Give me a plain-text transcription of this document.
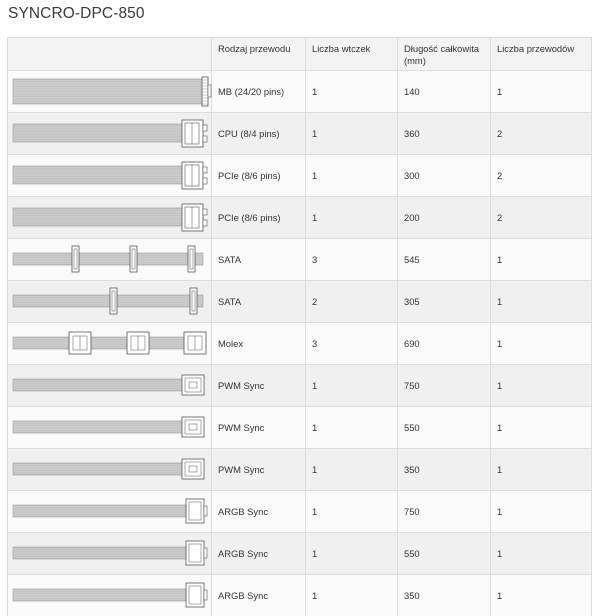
SYNCRO-DPC-850
	Rodzaj przewodu	Liczba wtczek	Długość całkowita (mm)	Liczba przewodów

	MB (24/20 pins)	1	140	1

	CPU (8/4 pins)	1	360	2

	PCIe (8/6 pins)	1	300	2

	PCIe (8/6 pins)	1	200	2

	SATA	3	545	1

	SATA	2	305	1

	Molex	3	690	1

	PWM Sync	1	750	1

	PWM Sync	1	550	1

	PWM Sync	1	350	1

	ARGB Sync	1	750	1

	ARGB Sync	1	550	1

	ARGB Sync	1	350	1
